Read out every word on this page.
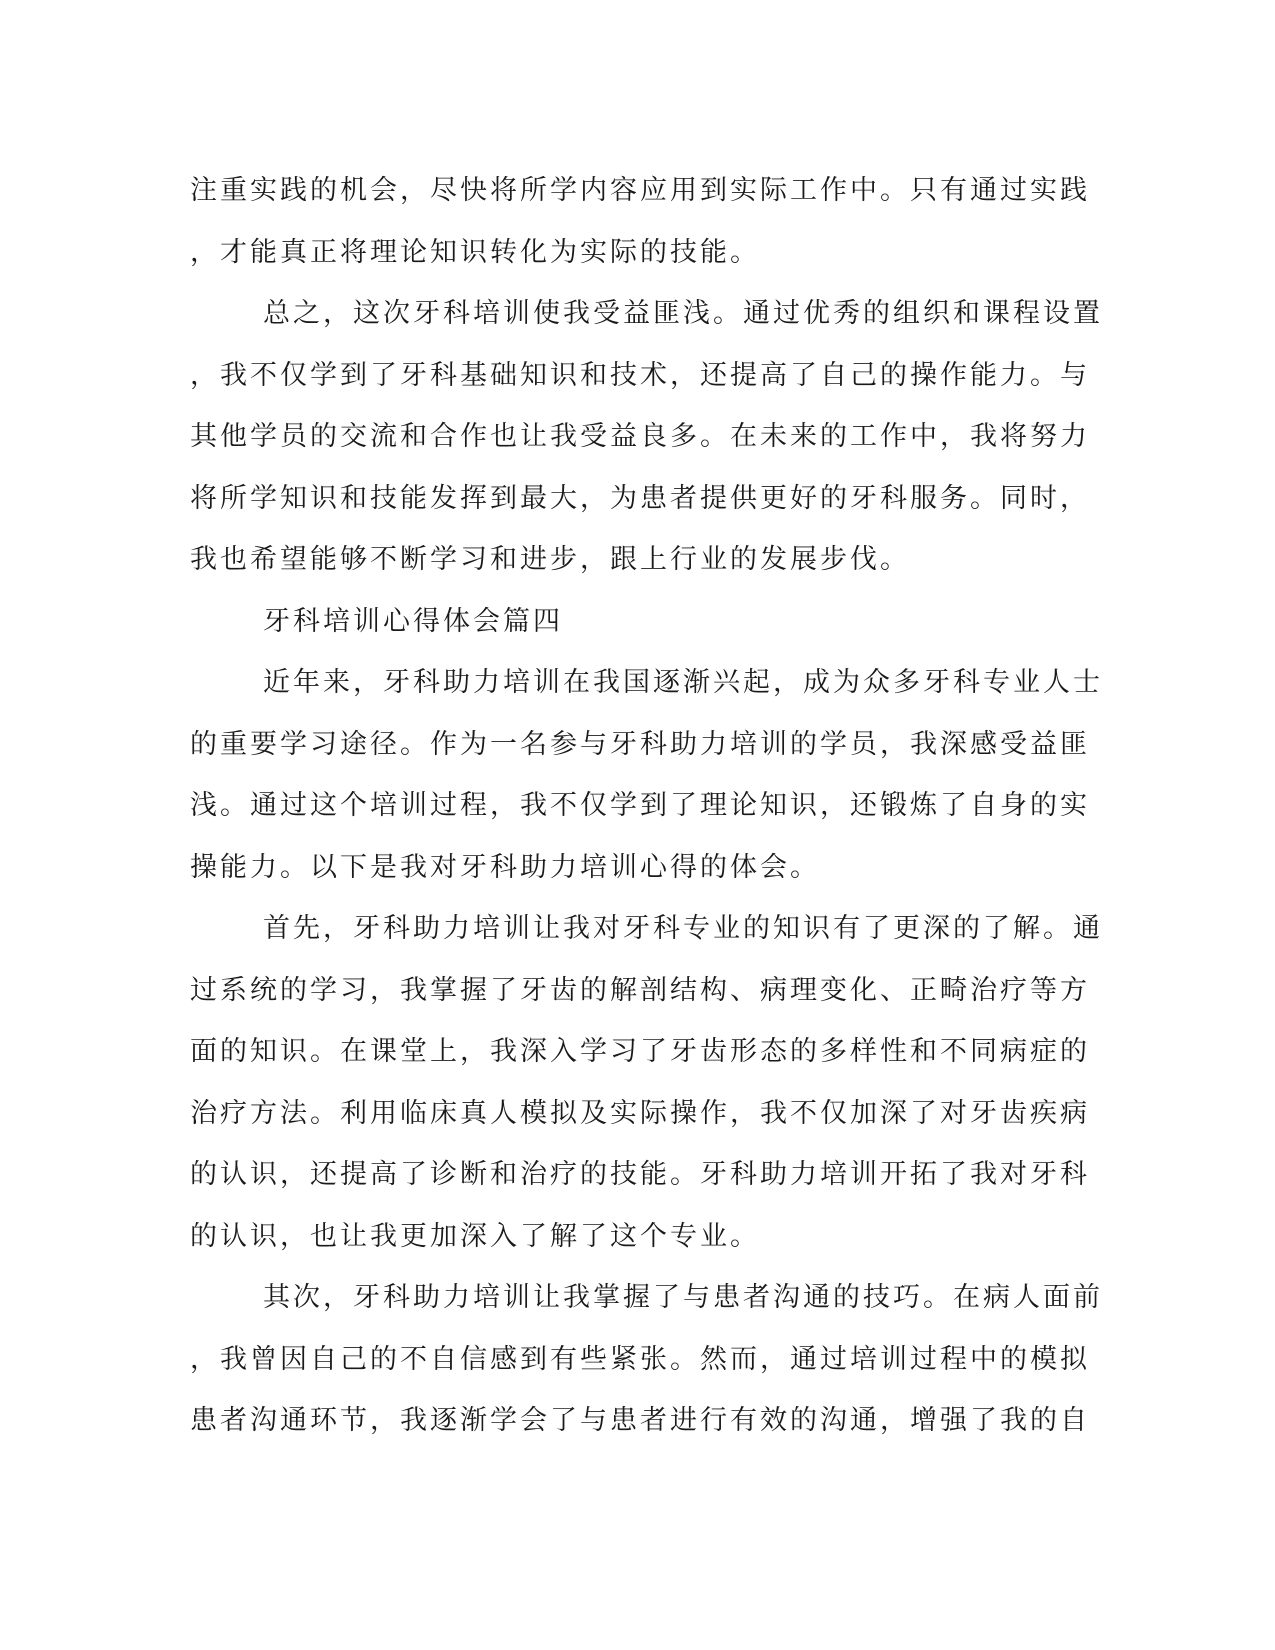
注重实践的机会，尽快将所学内容应用到实际工作中。只有通过实践
，才能真正将理论知识转化为实际的技能。
总之，这次牙科培训使我受益匪浅。通过优秀的组织和课程设置
，我不仅学到了牙科基础知识和技术，还提高了自己的操作能力。与
其他学员的交流和合作也让我受益良多。在未来的工作中，我将努力
将所学知识和技能发挥到最大，为患者提供更好的牙科服务。同时，
我也希望能够不断学习和进步，跟上行业的发展步伐。
牙科培训心得体会篇四
近年来，牙科助力培训在我国逐渐兴起，成为众多牙科专业人士
的重要学习途径。作为一名参与牙科助力培训的学员，我深感受益匪
浅。通过这个培训过程，我不仅学到了理论知识，还锻炼了自身的实
操能力。以下是我对牙科助力培训心得的体会。
首先，牙科助力培训让我对牙科专业的知识有了更深的了解。通
过系统的学习，我掌握了牙齿的解剖结构、病理变化、正畸治疗等方
面的知识。在课堂上，我深入学习了牙齿形态的多样性和不同病症的
治疗方法。利用临床真人模拟及实际操作，我不仅加深了对牙齿疾病
的认识，还提高了诊断和治疗的技能。牙科助力培训开拓了我对牙科
的认识，也让我更加深入了解了这个专业。
其次，牙科助力培训让我掌握了与患者沟通的技巧。在病人面前
，我曾因自己的不自信感到有些紧张。然而，通过培训过程中的模拟
患者沟通环节，我逐渐学会了与患者进行有效的沟通，增强了我的自
